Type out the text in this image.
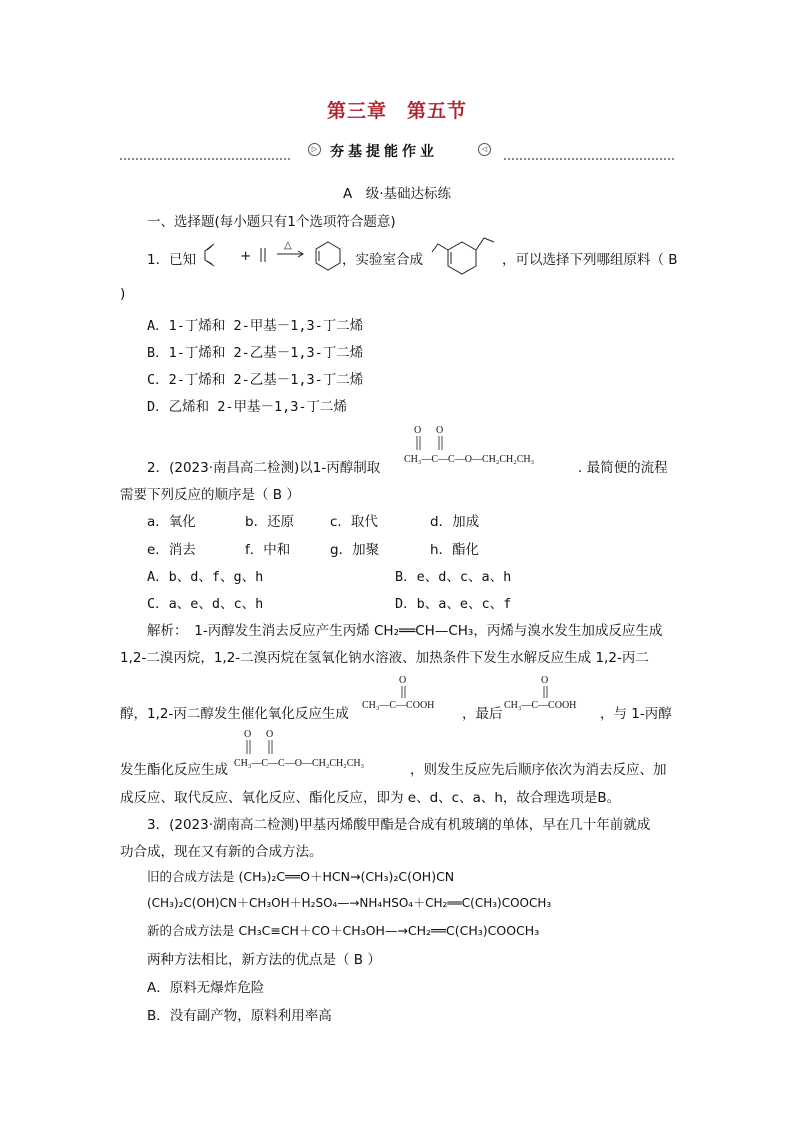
第三章　第五节
▷ 夯基提能作业	◁
A　级·基础达标练
一、选择题(每小题只有1个选项符合题意)
1．已知	+
△
，实验室合成	，可以选择下列哪组原料（ B
)
A．1-丁烯和 2-甲基－1,3-丁二烯
B．1-丁烯和 2-乙基－1,3-丁二烯
C．2-丁烯和 2-乙基－1,3-丁二烯
D．乙烯和 2-甲基－1,3-丁二烯
2．(2023·南昌高二检测)以1-丙醇制取
O O
CH₃—C—C—O—CH₂CH₂CH₃
. 最简便的流程
需要下列反应的顺序是（ B ）
a．氧化	b．还原	c．取代	d．加成
e．消去	f．中和	g．加聚	h．酯化
A．b、d、f、g、h	B．e、d、c、a、h
C．a、e、d、c、h	D．b、a、e、c、f
解析：　1-丙醇发生消去反应产生丙烯 CH₂══CH—CH₃，丙烯与溴水发生加成反应生成
1,2-二溴丙烷，1,2-二溴丙烷在氢氧化钠水溶液、加热条件下发生水解反应生成 1,2-丙二
醇，1,2-丙二醇发生催化氧化反应生成
O
CH₃—C—COOH
，最后
O
CH₃—C—COOH
，与 1-丙醇
发生酯化反应生成
O O
CH₃—C—C—O—CH₂CH₂CH₃	，则发生反应先后顺序依次为消去反应、加
成反应、取代反应、氧化反应、酯化反应，即为 e、d、c、a、h，故合理选项是B。
3．(2023·湖南高二检测)甲基丙烯酸甲酯是合成有机玻璃的单体，早在几十年前就成
功合成，现在又有新的合成方法。
旧的合成方法是 (CH₃)₂C══O＋HCN→(CH₃)₂C(OH)CN
(CH₃)₂C(OH)CN＋CH₃OH＋H₂SO₄—→NH₄HSO₄＋CH₂══C(CH₃)COOCH₃
新的合成方法是 CH₃C≡CH＋CO＋CH₃OH—→CH₂══C(CH₃)COOCH₃
两种方法相比，新方法的优点是（ B ）
A．原料无爆炸危险
B．没有副产物，原料利用率高
